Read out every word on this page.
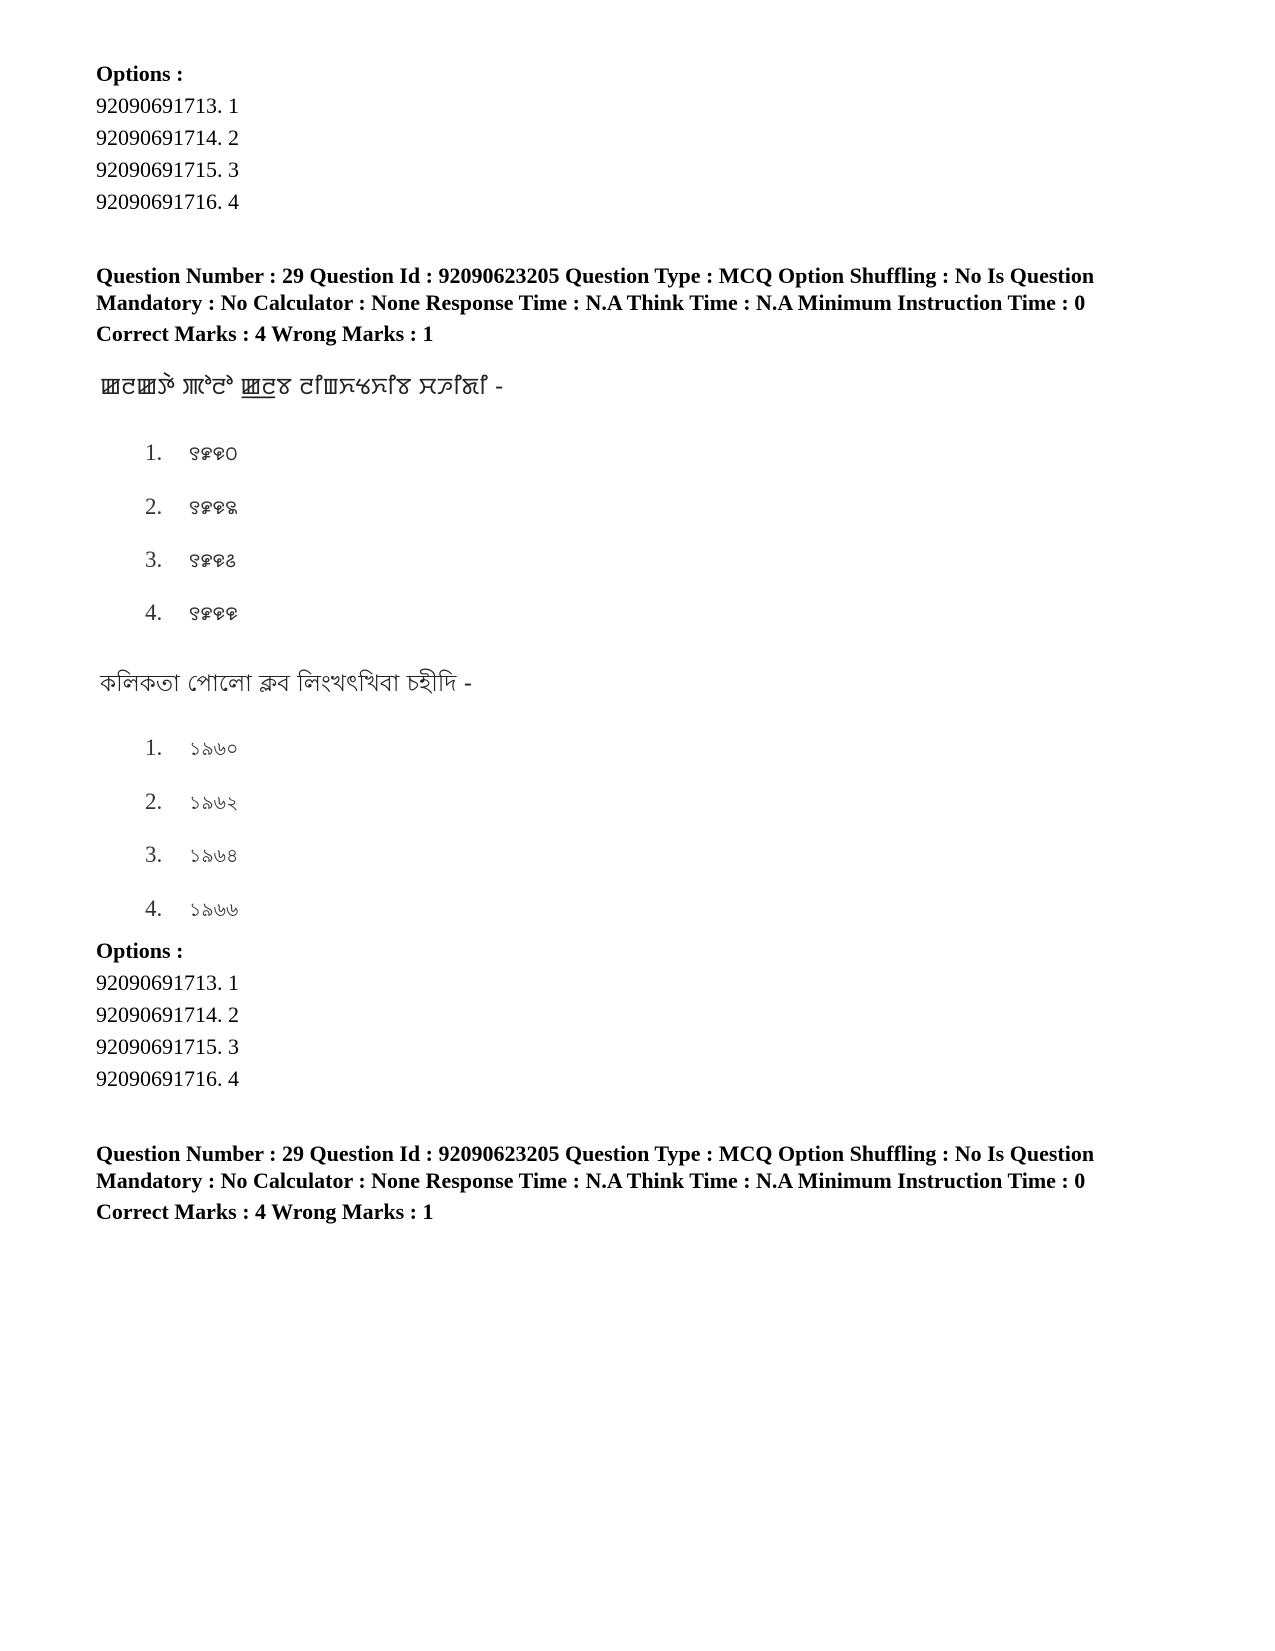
Options :
92090691713. 1
92090691714. 2
92090691715. 3
92090691716. 4
Question Number : 29 Question Id : 92090623205 Question Type : MCQ Option Shuffling : No Is Question
Mandatory : No Calculator : None Response Time : N.A Think Time : N.A Minimum Instruction Time : 0
Correct Marks : 4 Wrong Marks : 1
ꯀꯂꯀꯇꯥ ꯄꯣꯂꯣ ꯀ꯭ꯂꯕ ꯂꯤꯡꯈꯠꯈꯤꯕ ꯆꯍꯤꯗꯤ -
1. ꯱꯹꯶꯰
2. ꯱꯹꯶꯲
3. ꯱꯹꯶꯴
4. ꯱꯹꯶꯶
কলিকতা পোলো ক্লব লিংখৎখিবা চহীদি -
1. ১৯৬০
2. ১৯৬২
3. ১৯৬৪
4. ১৯৬৬
Options :
92090691713. 1
92090691714. 2
92090691715. 3
92090691716. 4
Question Number : 29 Question Id : 92090623205 Question Type : MCQ Option Shuffling : No Is Question
Mandatory : No Calculator : None Response Time : N.A Think Time : N.A Minimum Instruction Time : 0
Correct Marks : 4 Wrong Marks : 1
